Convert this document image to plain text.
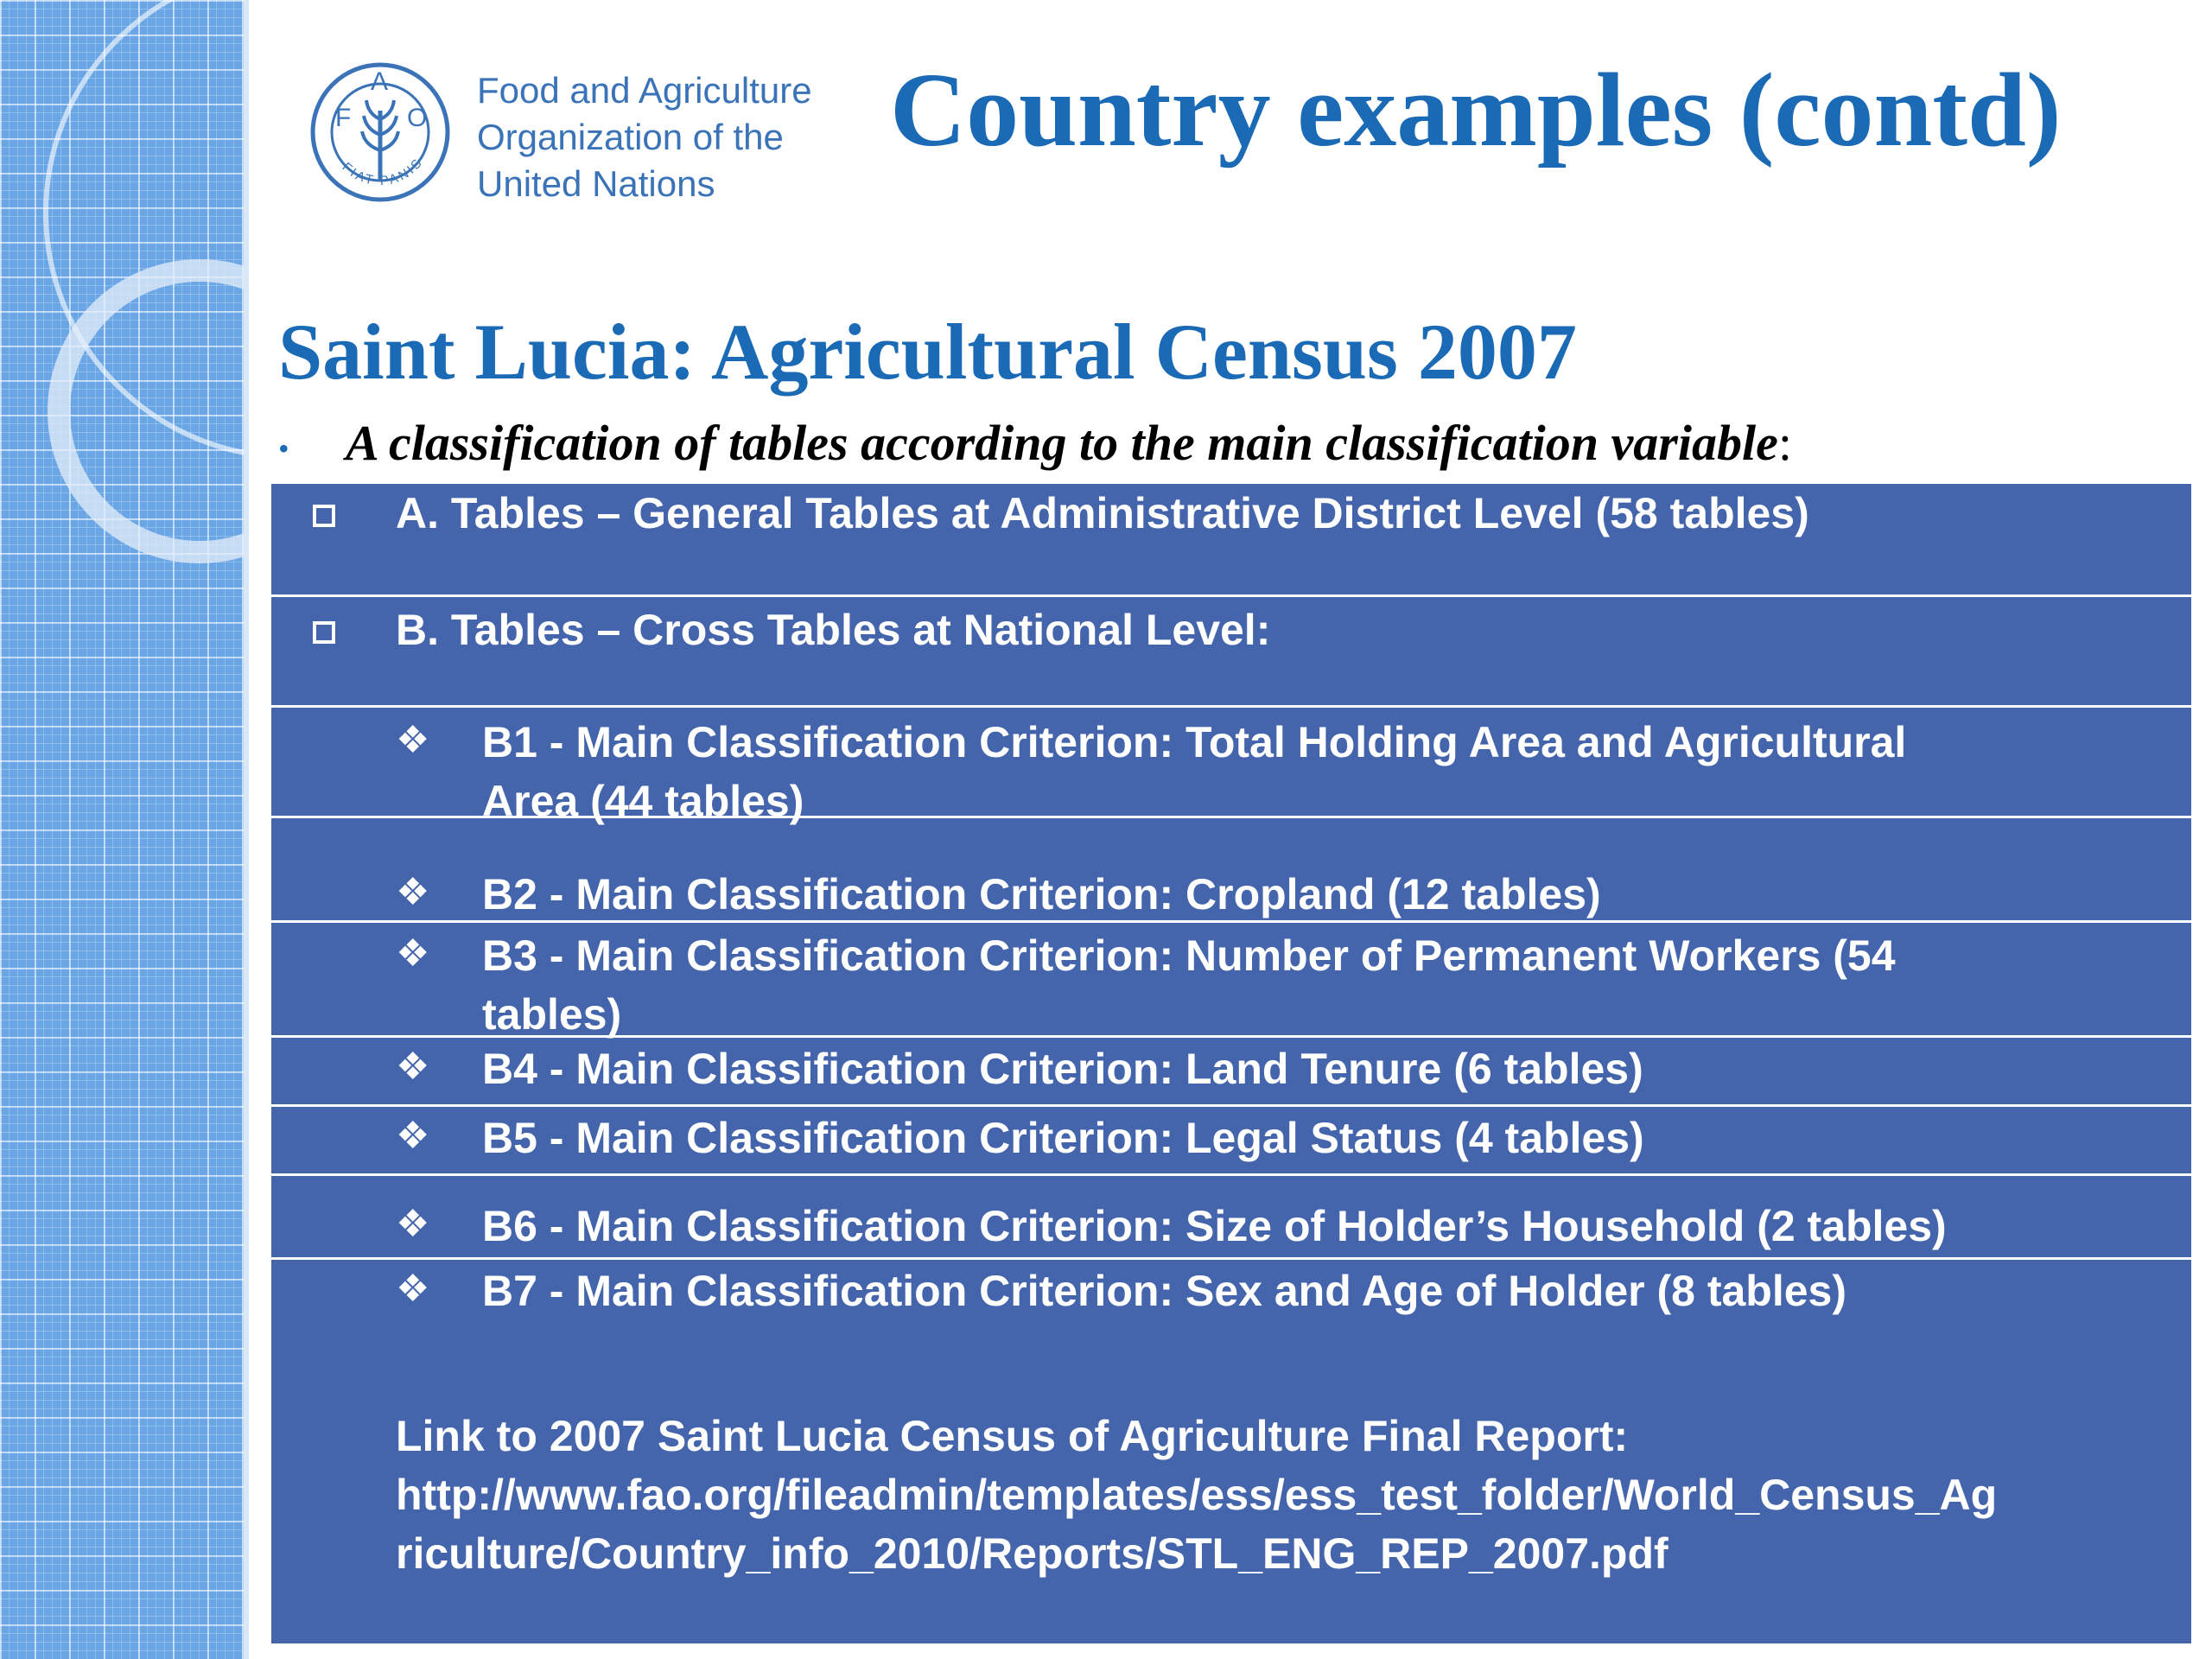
F
A
O
FIAT PANIS
Food and Agriculture
Organization of the
United Nations
Country examples (contd)
Saint Lucia: Agricultural Census 2007
• A classification of tables according to the main classification variable:
A. Tables – General Tables at Administrative District Level (58 tables)
B. Tables – Cross Tables at National Level:
❖ B1 - Main Classification Criterion: Total Holding Area and Agricultural
Area (44 tables)
❖ B2 - Main Classification Criterion: Cropland (12 tables)
❖ B3 - Main Classification Criterion: Number of Permanent Workers (54
tables)
❖ B4 - Main Classification Criterion: Land Tenure (6 tables)
❖ B5 - Main Classification Criterion: Legal Status (4 tables)
❖ B6 - Main Classification Criterion: Size of Holder’s Household (2 tables)
❖ B7 - Main Classification Criterion: Sex and Age of Holder (8 tables)
Link to 2007 Saint Lucia Census of Agriculture Final Report:
http://www.fao.org/fileadmin/templates/ess/ess_test_folder/World_Census_Ag
riculture/Country_info_2010/Reports/STL_ENG_REP_2007.pdf
